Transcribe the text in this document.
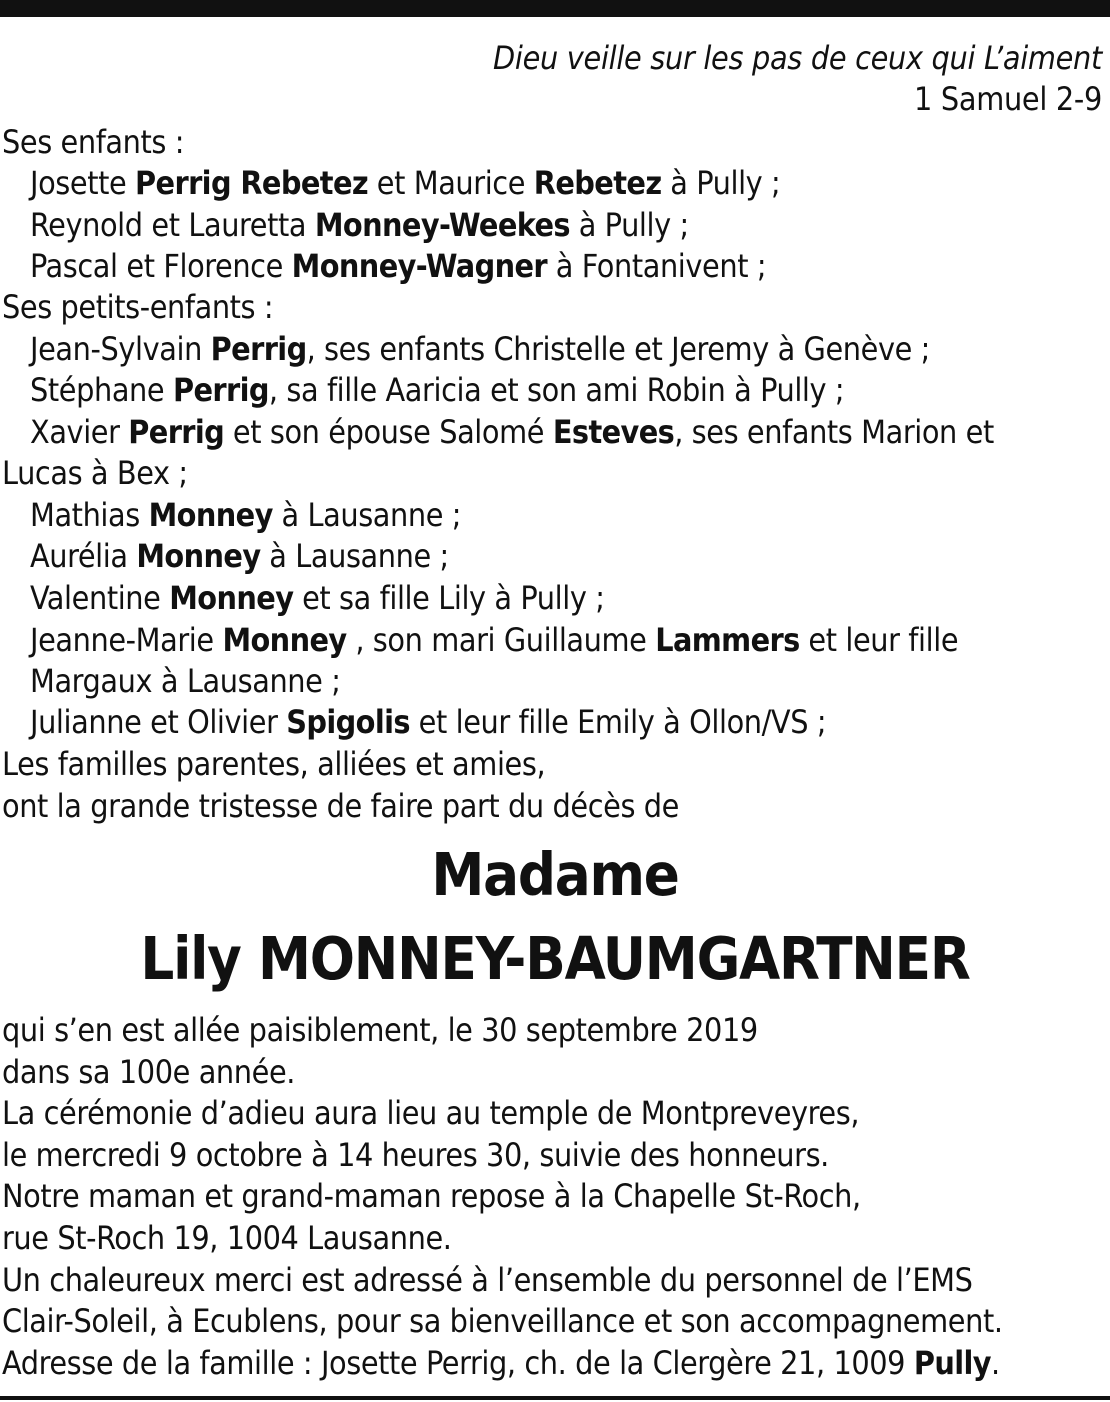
Dieu veille sur les pas de ceux qui L’aiment
1 Samuel 2-9
Ses enfants :
Josette Perrig Rebetez et Maurice Rebetez à Pully ;
Reynold et Lauretta Monney-Weekes à Pully ;
Pascal et Florence Monney-Wagner à Fontanivent ;
Ses petits-enfants :
Jean-Sylvain Perrig, ses enfants Christelle et Jeremy à Genève ;
Stéphane Perrig, sa fille Aaricia et son ami Robin à Pully ;
Xavier Perrig et son épouse Salomé Esteves, ses enfants Marion et
Lucas à Bex ;
Mathias Monney à Lausanne ;
Aurélia Monney à Lausanne ;
Valentine Monney et sa fille Lily à Pully ;
Jeanne-Marie Monney , son mari Guillaume Lammers et leur fille
Margaux à Lausanne ;
Julianne et Olivier Spigolis et leur fille Emily à Ollon/VS ;
Les familles parentes, alliées et amies,
ont la grande tristesse de faire part du décès de
Madame
Lily MONNEY-BAUMGARTNER
qui s’en est allée paisiblement, le 30 septembre 2019
dans sa 100e année.
La cérémonie d’adieu aura lieu au temple de Montpreveyres,
le mercredi 9 octobre à 14 heures 30, suivie des honneurs.
Notre maman et grand-maman repose à la Chapelle St-Roch,
rue St-Roch 19, 1004 Lausanne.
Un chaleureux merci est adressé à l’ensemble du personnel de l’EMS
Clair-Soleil, à Ecublens, pour sa bienveillance et son accompagnement.
Adresse de la famille : Josette Perrig, ch. de la Clergère 21, 1009 Pully.
